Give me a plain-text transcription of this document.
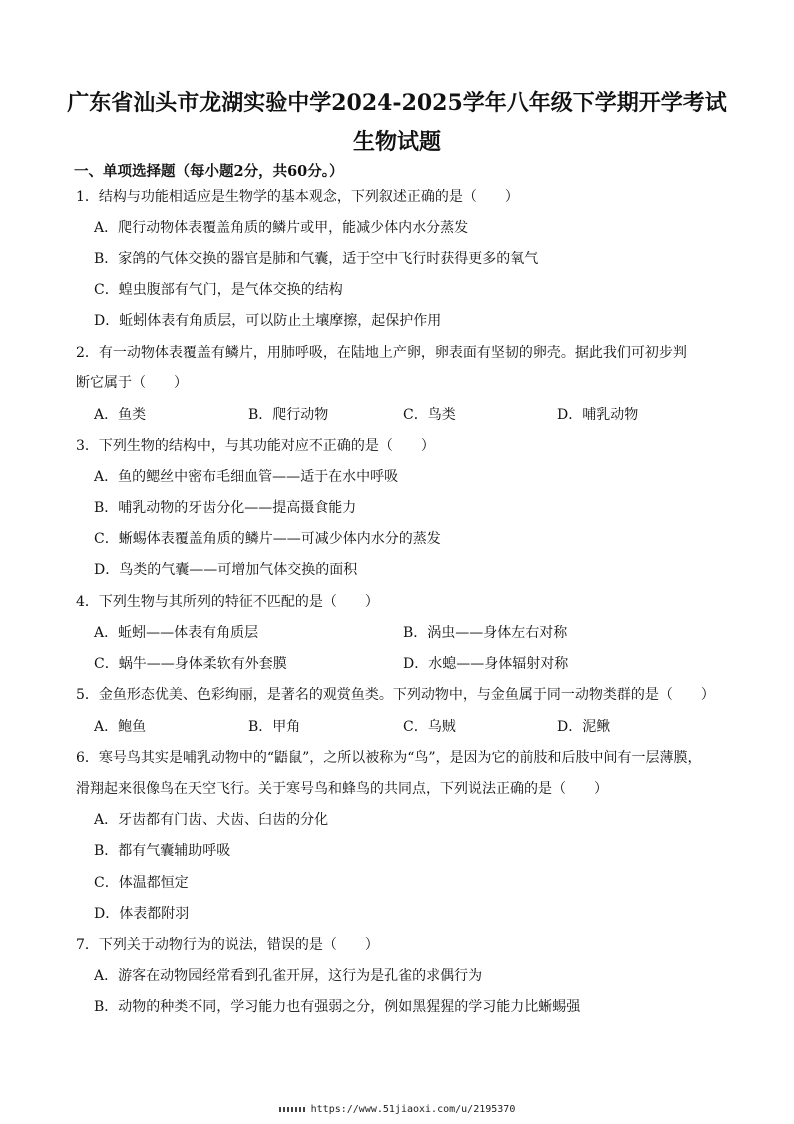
广东省汕头市龙湖实验中学2024-2025学年八年级下学期开学考试
生物试题
一、单项选择题（每小题2分，共60分。）
1．结构与功能相适应是生物学的基本观念，下列叙述正确的是（　　）
A．爬行动物体表覆盖角质的鳞片或甲，能减少体内水分蒸发
B．家鸽的气体交换的器官是肺和气囊，适于空中飞行时获得更多的氧气
C．蝗虫腹部有气门，是气体交换的结构
D．蚯蚓体表有角质层，可以防止土壤摩擦，起保护作用
2．有一动物体表覆盖有鳞片，用肺呼吸，在陆地上产卵，卵表面有坚韧的卵壳。据此我们可初步判
断它属于（　　）
A．鱼类	B．爬行动物	C．鸟类	D．哺乳动物
3．下列生物的结构中，与其功能对应不正确的是（　　）
A．鱼的鳃丝中密布毛细血管——适于在水中呼吸
B．哺乳动物的牙齿分化——提高摄食能力
C．蜥蜴体表覆盖角质的鳞片——可减少体内水分的蒸发
D．鸟类的气囊——可增加气体交换的面积
4．下列生物与其所列的特征不匹配的是（　　）
A．蚯蚓——体表有角质层	B．涡虫——身体左右对称
C．蜗牛——身体柔软有外套膜	D．水螅——身体辐射对称
5．金鱼形态优美、色彩绚丽，是著名的观赏鱼类。下列动物中，与金鱼属于同一动物类群的是（　　）
A．鲍鱼	B．甲角	C．乌贼	D．泥鳅
6．寒号鸟其实是哺乳动物中的“鼯鼠”，之所以被称为“鸟”，是因为它的前肢和后肢中间有一层薄膜，
滑翔起来很像鸟在天空飞行。关于寒号鸟和蜂鸟的共同点，下列说法正确的是（　　）
A．牙齿都有门齿、犬齿、臼齿的分化
B．都有气囊辅助呼吸
C．体温都恒定
D．体表都附羽
7．下列关于动物行为的说法，错误的是（　　）
A．游客在动物园经常看到孔雀开屏，这行为是孔雀的求偶行为
B．动物的种类不同，学习能力也有强弱之分，例如黑猩猩的学习能力比蜥蜴强
https://www.51jiaoxi.com/u/2195370
